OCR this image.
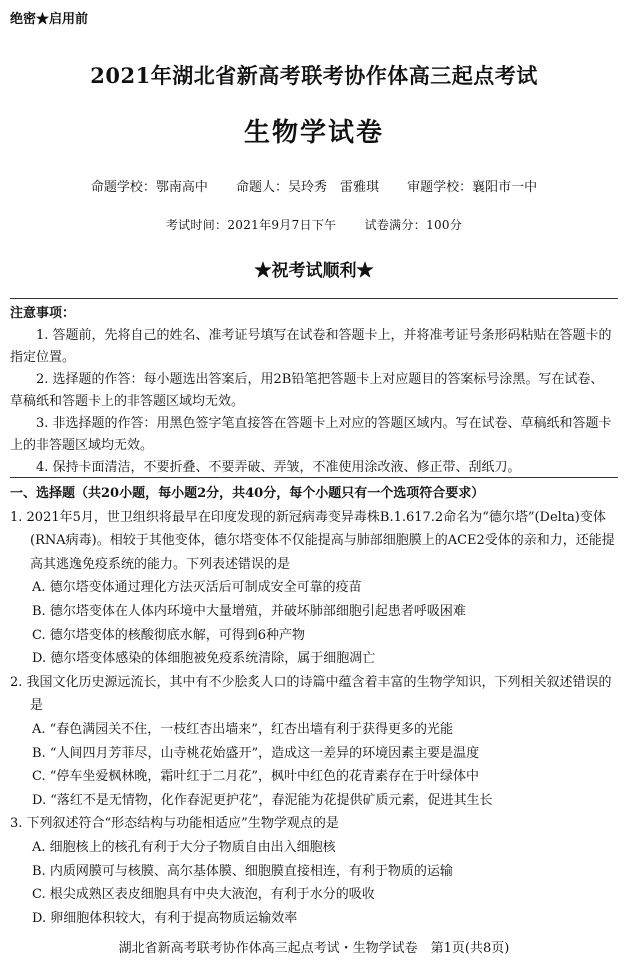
绝密★启用前
2021年湖北省新高考联考协作体高三起点考试
生物学试卷
命题学校：鄂南高中 命题人：吴玲秀　雷雅琪 审题学校：襄阳市一中
考试时间：2021年9月7日下午 试卷满分：100分
★祝考试顺利★
注意事项：

1. 答题前，先将自己的姓名、准考证号填写在试卷和答题卡上，并将准考证号条形码粘贴在答题卡的指定位置。

2. 选择题的作答：每小题选出答案后，用2B铅笔把答题卡上对应题目的答案标号涂黑。写在试卷、草稿纸和答题卡上的非答题区域均无效。

3. 非选择题的作答：用黑色签字笔直接答在答题卡上对应的答题区域内。写在试卷、草稿纸和答题卡上的非答题区域均无效。

4. 保持卡面清洁，不要折叠、不要弄破、弄皱，不准使用涂改液、修正带、刮纸刀。

一、选择题（共20小题，每小题2分，共40分，每个小题只有一个选项符合要求）

1. 2021年5月，世卫组织将最早在印度发现的新冠病毒变异毒株B.1.617.2命名为“德尔塔”(Delta)变体(RNA病毒)。相较于其他变体，德尔塔变体不仅能提高与肺部细胞膜上的ACE2受体的亲和力，还能提高其逃逸免疫系统的能力。下列表述错误的是

A. 德尔塔变体通过理化方法灭活后可制成安全可靠的疫苗

B. 德尔塔变体在人体内环境中大量增殖，并破坏肺部细胞引起患者呼吸困难

C. 德尔塔变体的核酸彻底水解，可得到6种产物

D. 德尔塔变体感染的体细胞被免疫系统清除，属于细胞凋亡

2. 我国文化历史源远流长，其中有不少脍炙人口的诗篇中蕴含着丰富的生物学知识，下列相关叙述错误的是

A. “春色满园关不住，一枝红杏出墙来”，红杏出墙有利于获得更多的光能

B. “人间四月芳菲尽，山寺桃花始盛开”，造成这一差异的环境因素主要是温度

C. “停车坐爱枫林晚，霜叶红于二月花”，枫叶中红色的花青素存在于叶绿体中

D. “落红不是无情物，化作春泥更护花”，春泥能为花提供矿质元素，促进其生长

3. 下列叙述符合“形态结构与功能相适应”生物学观点的是

A. 细胞核上的核孔有利于大分子物质自由出入细胞核

B. 内质网膜可与核膜、高尔基体膜、细胞膜直接相连，有利于物质的运输

C. 根尖成熟区表皮细胞具有中央大液泡，有利于水分的吸收

D. 卵细胞体积较大，有利于提高物质运输效率

湖北省新高考联考协作体高三起点考试・生物学试卷　第1页(共8页)
